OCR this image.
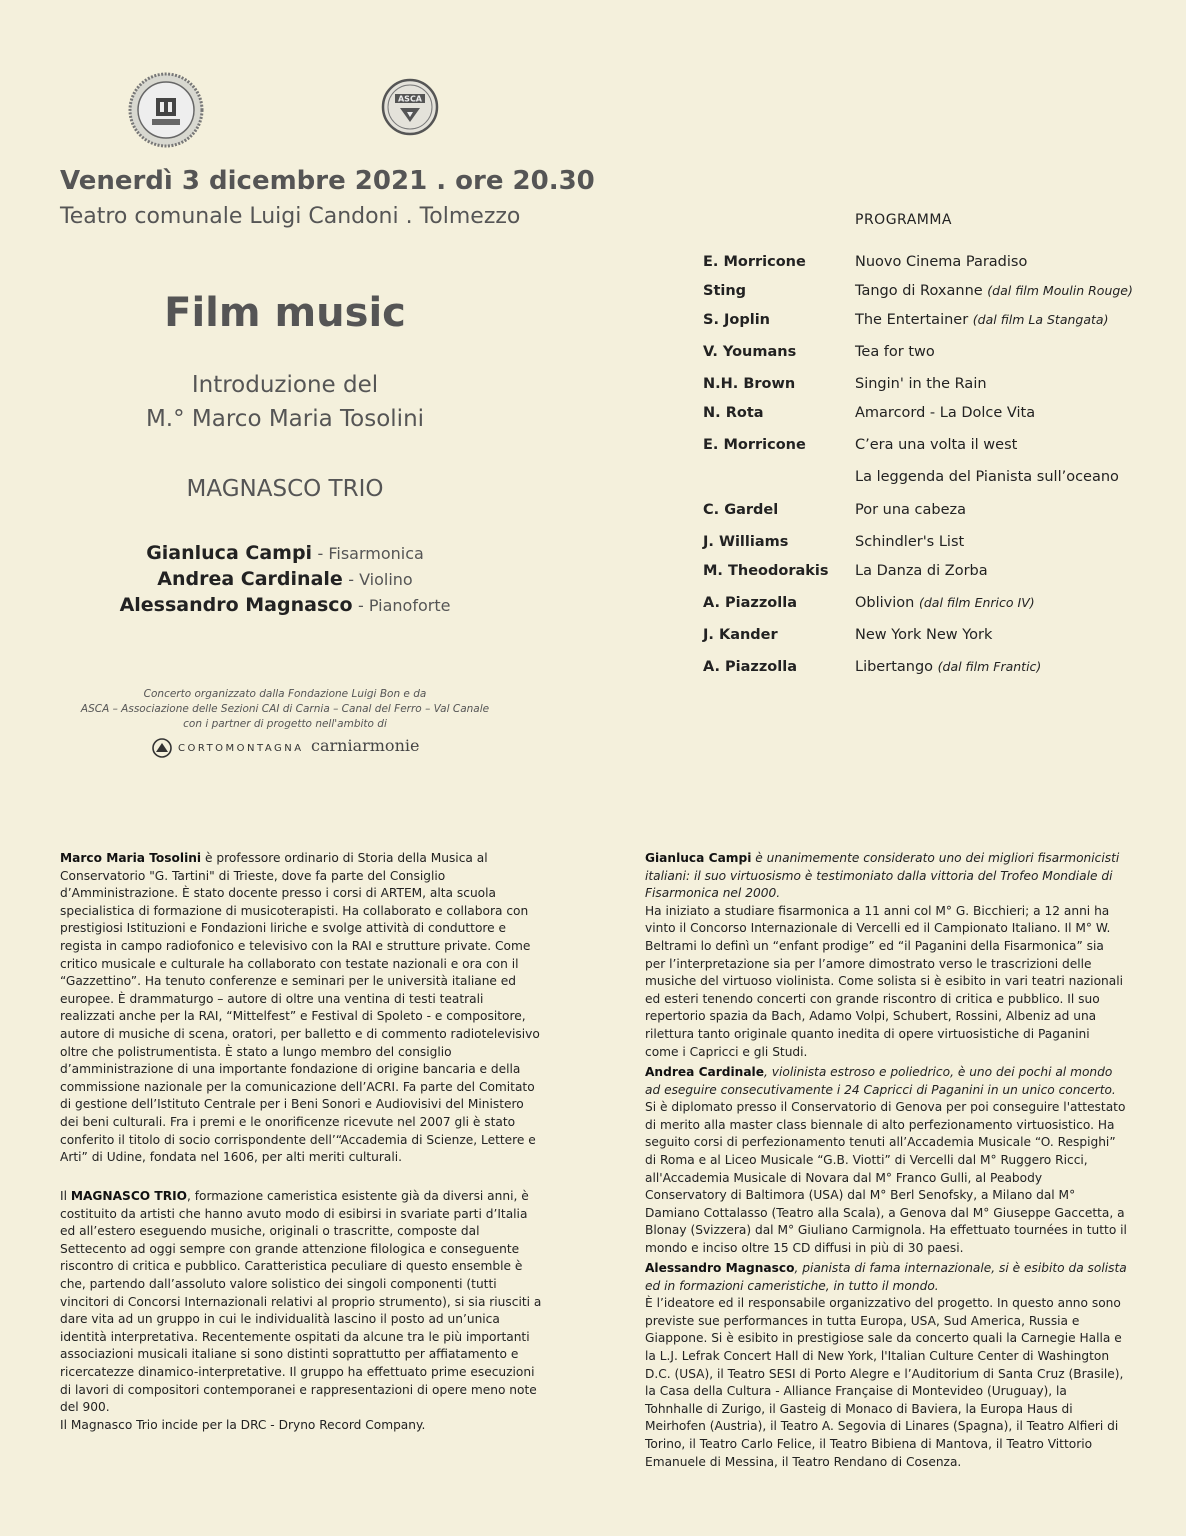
ASCA
Venerdì 3 dicembre 2021 . ore 20.30
Teatro comunale Luigi Candoni . Tolmezzo
Film music
Introduzione del
M.° Marco Maria Tosolini
MAGNASCO TRIO
Gianluca Campi - Fisarmonica
Andrea Cardinale - Violino
Alessandro Magnasco - Pianoforte
Concerto organizzato dalla Fondazione Luigi Bon e da
ASCA – Associazione delle Sezioni CAI di Carnia – Canal del Ferro – Val Canale
con i partner di progetto nell'ambito di
CORTOMONTAGNA carniarmonie
PROGRAMMA
E. Morricone	Nuovo Cinema Paradiso
Sting	Tango di Roxanne (dal film Moulin Rouge)
S. Joplin	The Entertainer (dal film La Stangata)
V. Youmans	Tea for two
N.H. Brown	Singin' in the Rain
N. Rota	Amarcord - La Dolce Vita
E. Morricone	C’era una volta il west
La leggenda del Pianista sull’oceano
C. Gardel	Por una cabeza
J. Williams	Schindler's List
M. Theodorakis La Danza di Zorba
A. Piazzolla	Oblivion (dal film Enrico IV)
J. Kander	New York New York
A. Piazzolla	Libertango (dal film Frantic)

Marco Maria Tosolini è professore ordinario di Storia della Musica al Conservatorio "G. Tartini" di Trieste, dove fa parte del Consiglio d’Amministrazione. È stato docente presso i corsi di ARTEM, alta scuola specialistica di formazione di musicoterapisti. Ha collaborato e collabora con prestigiosi Istituzioni e Fondazioni liriche e svolge attività di conduttore e regista in campo radiofonico e televisivo con la RAI e strutture private. Come critico musicale e culturale ha collaborato con testate nazionali e ora con il “Gazzettino”. Ha tenuto conferenze e seminari per le università italiane ed europee. È drammaturgo – autore di oltre una ventina di testi teatrali realizzati anche per la RAI, “Mittelfest” e Festival di Spoleto - e compositore, autore di musiche di scena, oratori, per balletto e di commento radiotelevisivo oltre che polistrumentista. È stato a lungo membro del consiglio d’amministrazione di una importante fondazione di origine bancaria e della commissione nazionale per la comunicazione dell’ACRI. Fa parte del Comitato di gestione dell’Istituto Centrale per i Beni Sonori e Audiovisivi del Ministero dei beni culturali. Fra i premi e le onorificenze ricevute nel 2007 gli è stato conferito il titolo di socio corrispondente dell’“Accademia di Scienze, Lettere e Arti” di Udine, fondata nel 1606, per alti meriti culturali.

Il MAGNASCO TRIO, formazione cameristica esistente già da diversi anni, è costituito da artisti che hanno avuto modo di esibirsi in svariate parti d’Italia ed all’estero eseguendo musiche, originali o trascritte, composte dal Settecento ad oggi sempre con grande attenzione filologica e conseguente riscontro di critica e pubblico. Caratteristica peculiare di questo ensemble è che, partendo dall’assoluto valore solistico dei singoli componenti (tutti vincitori di Concorsi Internazionali relativi al proprio strumento), si sia riusciti a dare vita ad un gruppo in cui le individualità lascino il posto ad un’unica identità interpretativa. Recentemente ospitati da alcune tra le più importanti associazioni musicali italiane si sono distinti soprattutto per affiatamento e ricercatezze dinamico-interpretative. Il gruppo ha effettuato prime esecuzioni di lavori di compositori contemporanei e rappresentazioni di opere meno note del 900.

Il Magnasco Trio incide per la DRC - Dryno Record Company.

Gianluca Campi è unanimemente considerato uno dei migliori fisarmonicisti italiani: il suo virtuosismo è testimoniato dalla vittoria del Trofeo Mondiale di Fisarmonica nel 2000.

Ha iniziato a studiare fisarmonica a 11 anni col M° G. Bicchieri; a 12 anni ha vinto il Concorso Internazionale di Vercelli ed il Campionato Italiano. Il M° W. Beltrami lo definì un “enfant prodige” ed “il Paganini della Fisarmonica” sia per l’interpretazione sia per l’amore dimostrato verso le trascrizioni delle musiche del virtuoso violinista. Come solista si è esibito in vari teatri nazionali ed esteri tenendo concerti con grande riscontro di critica e pubblico. Il suo repertorio spazia da Bach, Adamo Volpi, Schubert, Rossini, Albeniz ad una rilettura tanto originale quanto inedita di opere virtuosistiche di Paganini come i Capricci e gli Studi.

Andrea Cardinale, violinista estroso e poliedrico, è uno dei pochi al mondo ad eseguire consecutivamente i 24 Capricci di Paganini in un unico concerto.

Si è diplomato presso il Conservatorio di Genova per poi conseguire l'attestato di merito alla master class biennale di alto perfezionamento virtuosistico. Ha seguito corsi di perfezionamento tenuti all’Accademia Musicale “O. Respighi” di Roma e al Liceo Musicale “G.B. Viotti” di Vercelli dal M° Ruggero Ricci, all'Accademia Musicale di Novara dal M° Franco Gulli, al Peabody Conservatory di Baltimora (USA) dal M° Berl Senofsky, a Milano dal M° Damiano Cottalasso (Teatro alla Scala), a Genova dal M° Giuseppe Gaccetta, a Blonay (Svizzera) dal M° Giuliano Carmignola. Ha effettuato tournées in tutto il mondo e inciso oltre 15 CD diffusi in più di 30 paesi.

Alessandro Magnasco, pianista di fama internazionale, si è esibito da solista ed in formazioni cameristiche, in tutto il mondo.

È l’ideatore ed il responsabile organizzativo del progetto. In questo anno sono previste sue performances in tutta Europa, USA, Sud America, Russia e Giappone. Si è esibito in prestigiose sale da concerto quali la Carnegie Halla e la L.J. Lefrak Concert Hall di New York, l'Italian Culture Center di Washington D.C. (USA), il Teatro SESI di Porto Alegre e l’Auditorium di Santa Cruz (Brasile), la Casa della Cultura - Alliance Française di Montevideo (Uruguay), la Tohnhalle di Zurigo, il Gasteig di Monaco di Baviera, la Europa Haus di Meirhofen (Austria), il Teatro A. Segovia di Linares (Spagna), il Teatro Alfieri di Torino, il Teatro Carlo Felice, il Teatro Bibiena di Mantova, il Teatro Vittorio Emanuele di Messina, il Teatro Rendano di Cosenza.
